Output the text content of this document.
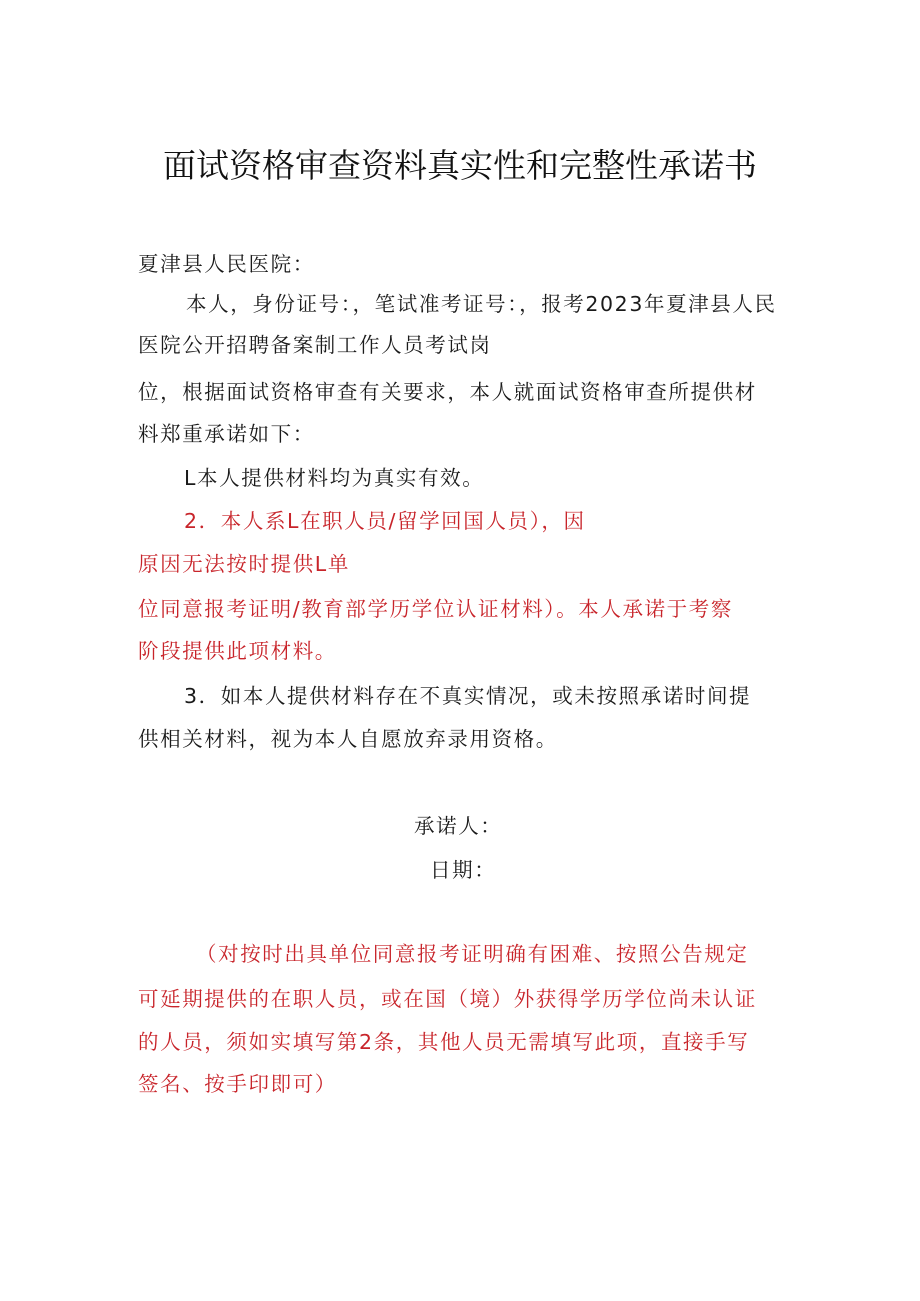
面试资格审查资料真实性和完整性承诺书
夏津县人民医院：
本人，身份证号：，笔试准考证号：，报考2023年夏津县人民
医院公开招聘备案制工作人员考试岗
位，根据面试资格审查有关要求，本人就面试资格审查所提供材
料郑重承诺如下：
L本人提供材料均为真实有效。
2．本人系L在职人员/留学回国人员），因
原因无法按时提供L单
位同意报考证明/教育部学历学位认证材料）。本人承诺于考察
阶段提供此项材料。
3．如本人提供材料存在不真实情况，或未按照承诺时间提
供相关材料，视为本人自愿放弃录用资格。
承诺人：
日期：
（对按时出具单位同意报考证明确有困难、按照公告规定
可延期提供的在职人员，或在国（境）外获得学历学位尚未认证
的人员，须如实填写第2条，其他人员无需填写此项，直接手写
签名、按手印即可）
